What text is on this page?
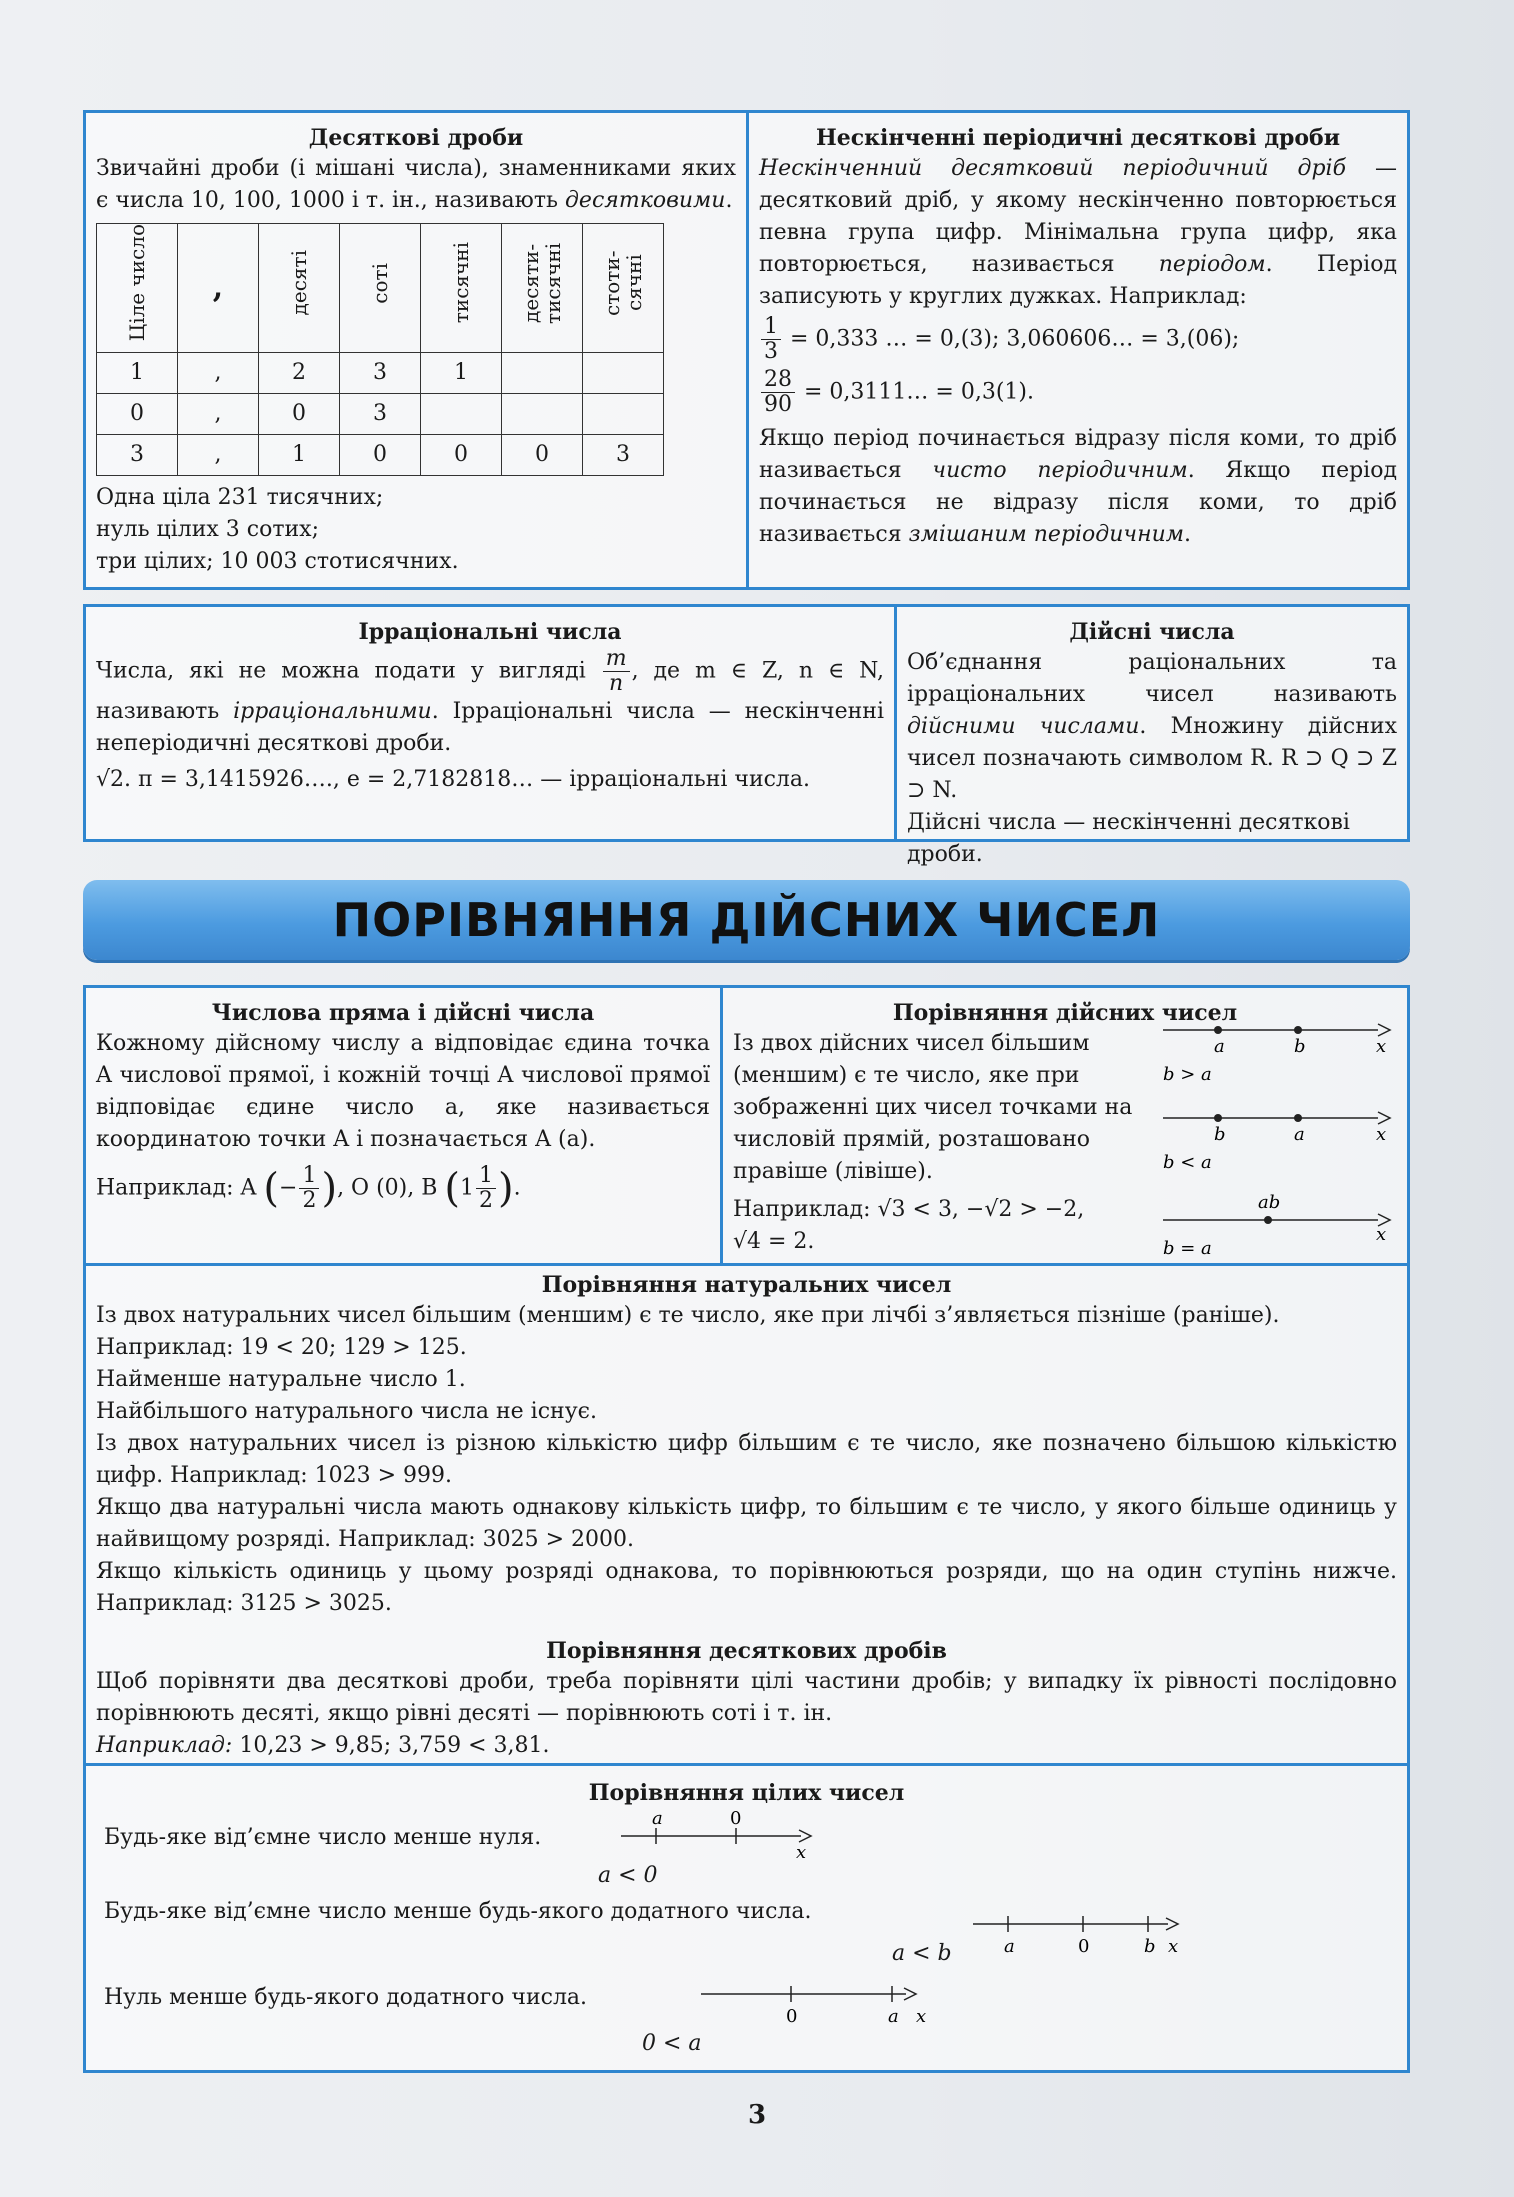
Десяткові дроби

Звичайні дроби (і мішані числа), знаменниками яких є числа 10, 100, 1000 і т. ін., називають десятковими.

Ціле число	,	десяті	соті	тисячні	десяти-тисячні	стоти-сячні
1	,	2	3	1		
0	,	0	3			
3	,	1	0	0	0	3

Одна ціла 231 тисячних;

нуль цілих 3 сотих;

три цілих; 10 003 стотисячних.

Нескінченні періодичні десяткові дроби

Нескінченний десятковий періодичний дріб — десятковий дріб, у якому нескінченно повторюється певна група цифр. Мінімальна група цифр, яка повторюється, називається періодом. Період записують у круглих дужках. Наприклад:

$\frac{1}{3} = 0,333$ … = 0,(3); 3,060606… = 3,(06);

$\frac{28}{90}$ = 0,3111… = 0,3(1).

Якщо період починається відразу після коми, то дріб називається чисто періодичним. Якщо період починається не відразу після коми, то дріб називається змішаним періодичним.

Ірраціональні числа

Числа, які не можна подати у вигляді $\frac{m}{n}$ , де m ∈ Z, n ∈ N, називають ірраціональними. Ірраціональні числа — нескінченні неперіодичні десяткові дроби.

√2. π = 3,1415926…., e = 2,7182818… — ірраціональні числа.

Дійсні числа

Об’єднання раціональних та ірраціональних чисел називають дійсними числами. Множину дійсних чисел позначають символом R. R ⊃ Q ⊃ Z ⊃ N.

Дійсні числа — нескінченні десяткові дроби.

ПОРІВНЯННЯ ДІЙСНИХ ЧИСЕЛ
Числова пряма і дійсні числа

Кожному дійсному числу a відповідає єдина точка A числової прямої, і кожній точці A числової прямої відповідає єдине число a, яке називається координатою точки A і позначається A (a).

Наприклад: A (− $\frac{1}{2}$ ), O (0), B ($1 \frac{1}{2}$ ).

Порівняння дійсних чисел

Із двох дійсних чисел більшим (меншим) є те число, яке при зображенні цих чисел точками на числовій прямій, розташовано правіше (лівіше).

Наприклад: √3 < 3, −√2 > −2,

√4 = 2.

a	b	x
b > a
b	a	x
b < a
ab
x
b = a
Порівняння натуральних чисел

Із двох натуральних чисел більшим (меншим) є те число, яке при лічбі з’являється пізніше (раніше).

Наприклад: 19 < 20; 129 > 125.

Найменше натуральне число 1.

Найбільшого натурального числа не існує.

Із двох натуральних чисел із різною кількістю цифр більшим є те число, яке позначено більшою кількістю цифр. Наприклад: 1023 > 999.

Якщо два натуральні числа мають однакову кількість цифр, то більшим є те число, у якого більше одиниць у найвищому розряді. Наприклад: 3025 > 2000.

Якщо кількість одиниць у цьому розряді однакова, то порівнюються розряди, що на один ступінь нижче. Наприклад: 3125 > 3025.

Порівняння десяткових дробів

Щоб порівняти два десяткові дроби, треба порівняти цілі частини дробів; у випадку їх рівності послідовно порівнюють десяті, якщо рівні десяті — порівнюють соті і т. ін.

Наприклад: 10,23 > 9,85; 3,759 < 3,81.

Порівняння цілих чисел

Будь-яке від’ємне число менше нуля.

Будь-яке від’ємне число менше будь-якого додатного числа.

Нуль менше будь-якого додатного числа.

a	0
x
a < 0
a	0	b x
a < b
0	a x
0 < a
3
